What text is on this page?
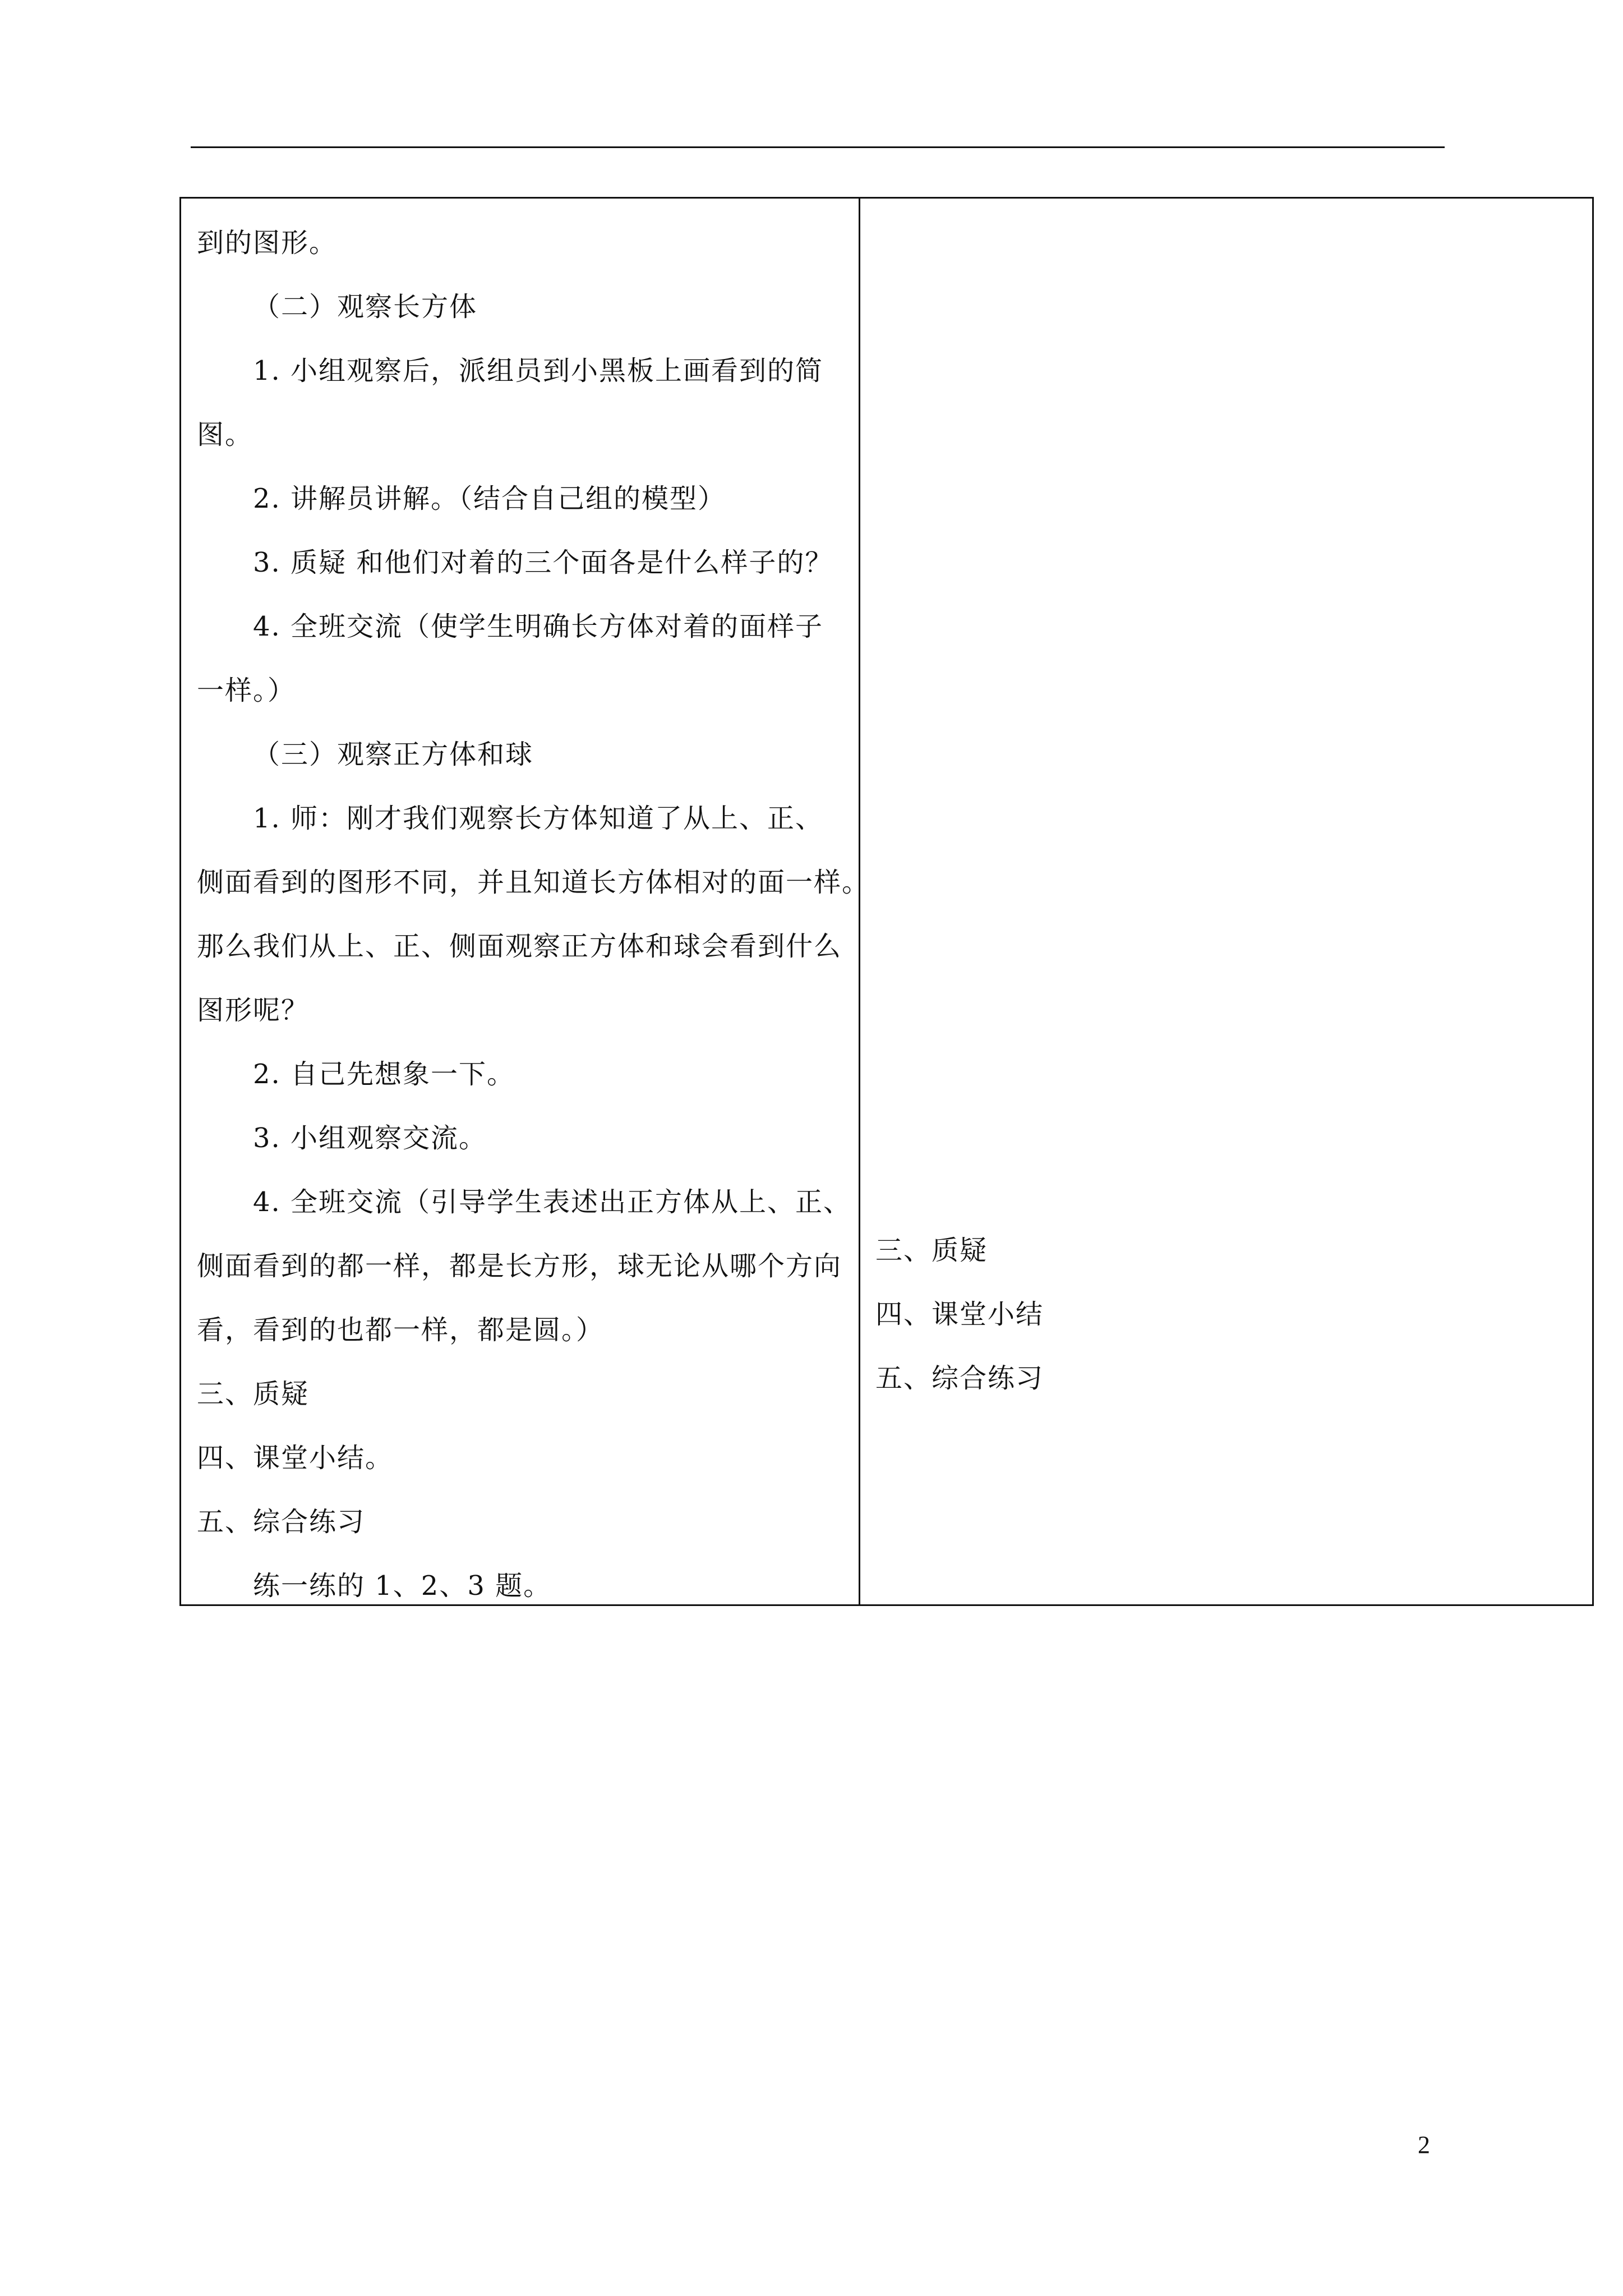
到的图形。
（二）观察长方体
1. 小组观察后，派组员到小黑板上画看到的简
图。
2. 讲解员讲解。（结合自己组的模型）
3. 质疑 和他们对着的三个面各是什么样子的？
4. 全班交流（使学生明确长方体对着的面样子
一样。）
（三）观察正方体和球
1. 师：刚才我们观察长方体知道了从上、正、
侧面看到的图形不同，并且知道长方体相对的面一样。
那么我们从上、正、侧面观察正方体和球会看到什么
图形呢？
2. 自己先想象一下。
3. 小组观察交流。
4. 全班交流（引导学生表述出正方体从上、正、
侧面看到的都一样，都是长方形，球无论从哪个方向
看，看到的也都一样，都是圆。）
三、质疑
四、课堂小结。
五、综合练习
练一练的 1、2、3 题。
三、质疑
四、课堂小结
五、综合练习
2
